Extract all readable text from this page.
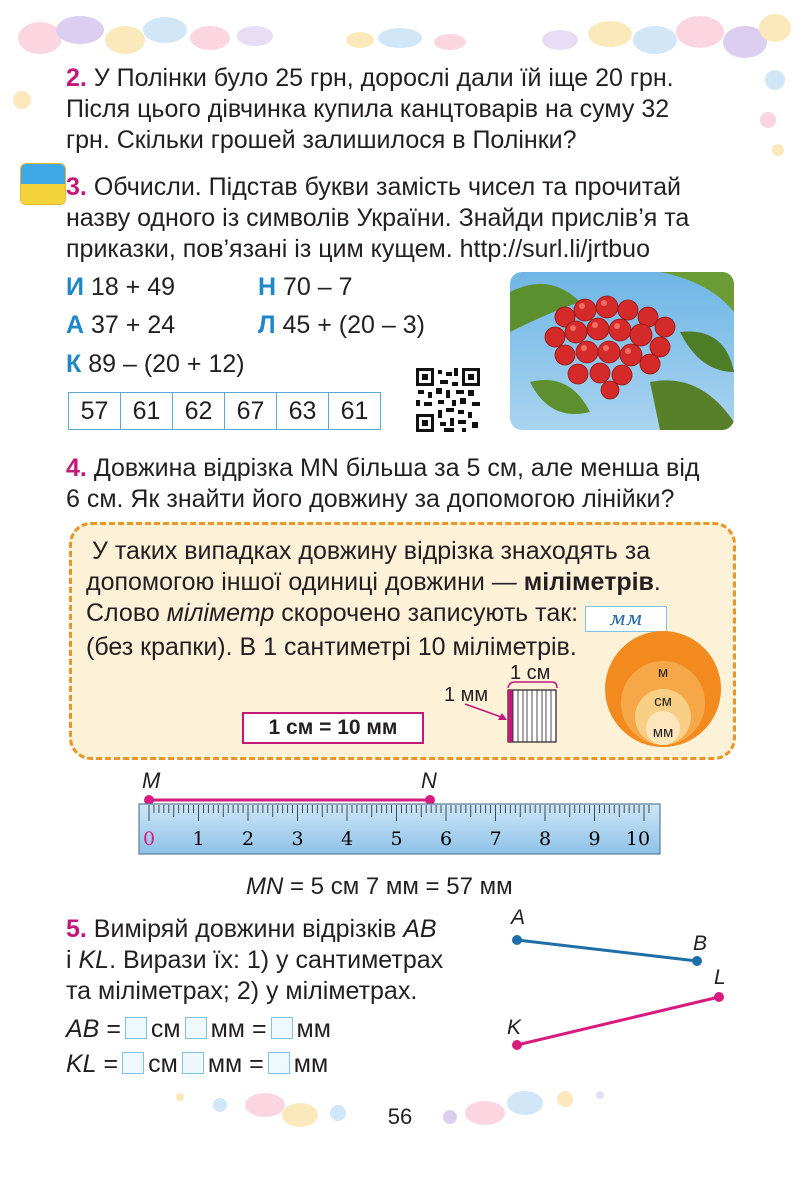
2. У Полінки було 25 грн, дорослі дали їй іще 20 грн.
Після цього дівчинка купила канцтоварів на суму 32
грн. Скільки грошей залишилося в Полінки?
3. Обчисли. Підстав букви замість чисел та прочитай
назву одного із символів України. Знайди прислів’я та
приказки, пов’язані із цим кущем. http://surl.li/jrtbuo
И 18 + 49	Н 70 – 7
А 37 + 24	Л 45 + (20 – 3)
К 89 – (20 + 12)
57	61	62	67	63	61
4. Довжина відрізка MN більша за 5 см, але менша від
6 см. Як знайти його довжину за допомогою лінійки?
У таких випадках довжину відрізка знаходять за
допомогою іншої одиниці довжини — міліметрів.
Слово міліметр скорочено записують так: мм
(без крапки). В 1 сантиметрі 10 міліметрів.
1 см = 10 мм
1 см
1 мм
м
см
мм
M	N
0 1 2 3 4 5 6 7 8 9 10
MN = 5 см 7 мм = 57 мм
5. Виміряй довжини відрізків AB
і KL. Вирази їх: 1) у сантиметрах
та міліметрах; 2) у міліметрах.
AB = см мм = мм
KL = см мм = мм
A
B
K
L
56
